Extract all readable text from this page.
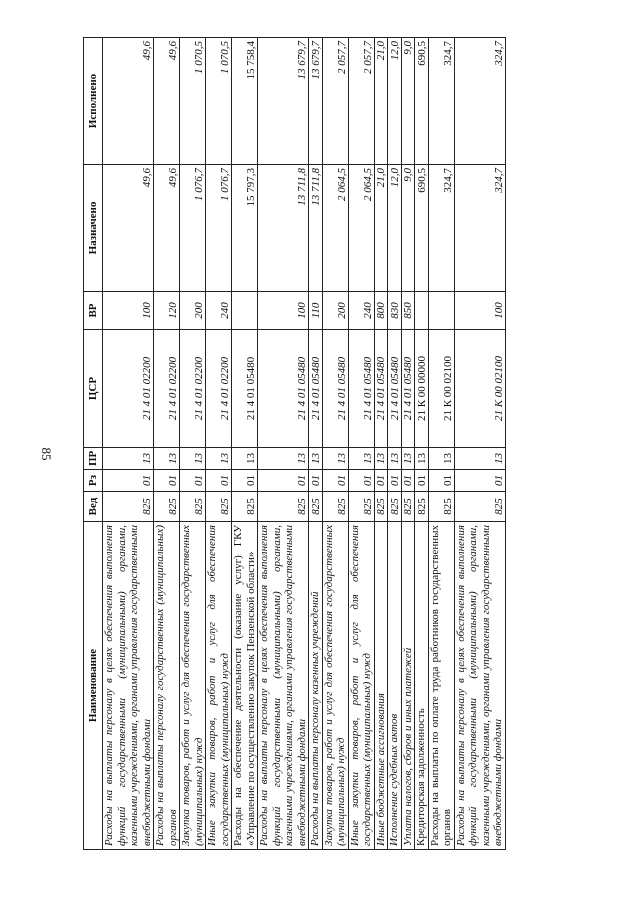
85
Наименование	Вед	Рз	ПР	ЦСР	ВР	Назначено	Исполнено
Расходы на выплаты персоналу в целях обеспечения выполнения функций государственными (муниципальными) органами, казенными учреждениями, органами управления государственными внебюджетными фондами	825	01	13	21 4 01 02200	100	49,6	49,6
Расходы на выплаты персоналу государственных (муниципальных) органов	825	01	13	21 4 01 02200	120	49,6	49,6
Закупка товаров, работ и услуг для обеспечения государственных (муниципальных) нужд	825	01	13	21 4 01 02200	200	1 076,7	1 070,5
Иные закупки товаров, работ и услуг для обеспечения государственных (муниципальных) нужд	825	01	13	21 4 01 02200	240	1 076,7	1 070,5
Расходы на обеспечение деятельности (оказание услуг) ГКУ «Управление по осуществлению закупок Пензенской области»	825	01	13	21 4 01 05480		15 797,3	15 758,4
Расходы на выплаты персоналу в целях обеспечения выполнения функций государственными (муниципальными) органами, казенными учреждениями, органами управления государственными внебюджетными фондами	825	01	13	21 4 01 05480	100	13 711,8	13 679,7
Расходы на выплаты персоналу казенных учреждений	825	01	13	21 4 01 05480	110	13 711,8	13 679,7
Закупка товаров, работ и услуг для обеспечения государственных (муниципальных) нужд	825	01	13	21 4 01 05480	200	2 064,5	2 057,7
Иные закупки товаров, работ и услуг для обеспечения государственных (муниципальных) нужд	825	01	13	21 4 01 05480	240	2 064,5	2 057,7
Иные бюджетные ассигнования	825	01	13	21 4 01 05480	800	21,0	21,0
Исполнение судебных актов	825	01	13	21 4 01 05480	830	12,0	12,0
Уплата налогов, сборов и иных платежей	825	01	13	21 4 01 05480	850	9,0	9,0
Кредиторская задолженность	825	01	13	21 К 00 00000		690,5	690,5
Расходы на выплаты по оплате труда работников государственных органов	825	01	13	21 К 00 02100		324,7	324,7
Расходы на выплаты персоналу в целях обеспечения выполнения функций государственными (муниципальными) органами, казенными учреждениями, органами управления государственными внебюджетными фондами	825	01	13	21 К 00 02100	100	324,7	324,7
